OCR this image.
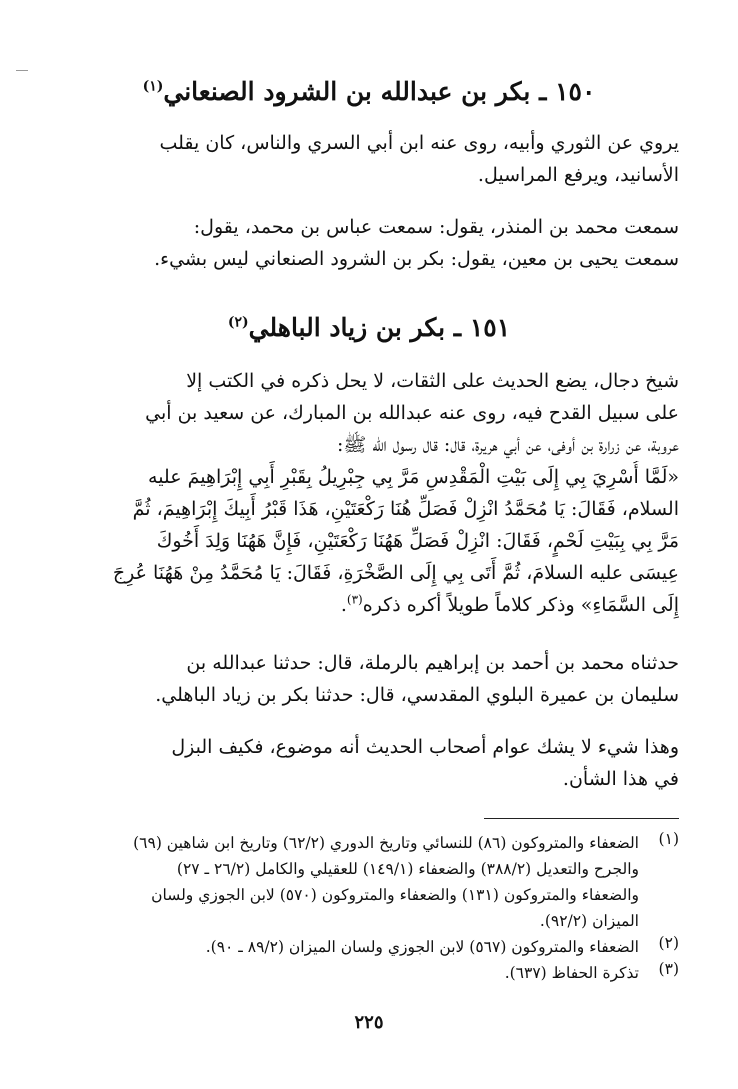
١٥٠ ـ بكر بن عبدالله بن الشرود الصنعاني$^{(١)}$
يروي عن الثوري وأبيه، روى عنه ابن أبي السري والناس، كان يقلب
الأسانيد، ويرفع المراسيل.
سمعت محمد بن المنذر، يقول: سمعت عباس بن محمد، يقول:
سمعت يحيى بن معين، يقول: بكر بن الشرود الصنعاني ليس بشيء.
١٥١ ـ بكر بن زياد الباهلي$^{(٢)}$
شيخ دجال، يضع الحديث على الثقات، لا يحل ذكره في الكتب إلا
على سبيل القدح فيه، روى عنه عبدالله بن المبارك، عن سعيد بن أبي
عروبة، عن زرارة بن أوفى، عن أبي هريرة، قال: قال رسول الله ﷺ:
«لَمَّا أُسْرِيَ بِي إِلَى بَيْتِ الْمَقْدِسِ مَرَّ بِي جِبْرِيلُ بِقَبْرِ أَبِي إِبْرَاهِيمَ عليه
السلام، فَقَالَ: يَا مُحَمَّدُ انْزِلْ فَصَلِّ هُنَا رَكْعَتَيْنِ، هَذَا قَبْرُ أَبِيكَ إِبْرَاهِيمَ، ثُمَّ
مَرَّ بِي بِبَيْتِ لَحْمٍ، فَقَالَ: انْزِلْ فَصَلِّ هَهُنَا رَكْعَتَيْنِ، فَإِنَّ هَهُنَا وَلِدَ أَخُوكَ
عِيسَى عليه السلامَ، ثُمَّ أَتَى بِي إِلَى الصَّخْرَةِ، فَقَالَ: يَا مُحَمَّدُ مِنْ هَهُنَا عُرِجَ
إِلَى السَّمَاءِ» وذكر كلاماً طويلاً أكره ذكره$^{(٣)}$.
حدثناه محمد بن أحمد بن إبراهيم بالرملة، قال: حدثنا عبدالله بن
سليمان بن عميرة البلوي المقدسي، قال: حدثنا بكر بن زياد الباهلي.
وهذا شيء لا يشك عوام أصحاب الحديث أنه موضوع، فكيف البزل
في هذا الشأن.
(١)
الضعفاء والمتروكون (٨٦) للنسائي وتاريخ الدوري (٦٢/٢) وتاريخ ابن شاهين (٦٩)
والجرح والتعديل (٣٨٨/٢) والضعفاء (١٤٩/١) للعقيلي والكامل (٢٦/٢ ـ ٢٧)
والضعفاء والمتروكون (١٣١) والضعفاء والمتروكون (٥٧٠) لابن الجوزي ولسان
الميزان (٩٢/٢).
(٢)
الضعفاء والمتروكون (٥٦٧) لابن الجوزي ولسان الميزان (٨٩/٢ ـ ٩٠).
(٣)
تذكرة الحفاظ (٦٣٧).
٢٢٥
